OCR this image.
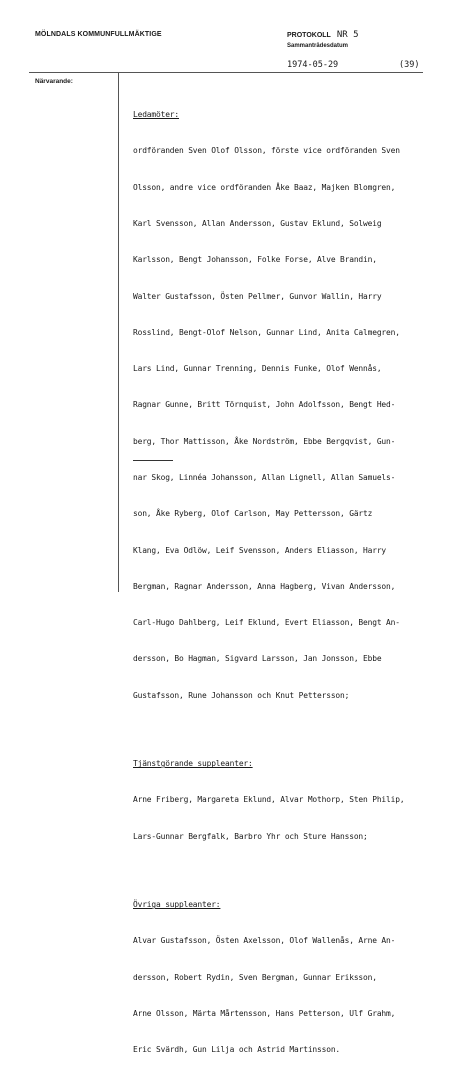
MÖLNDALS KOMMUNFULLMÄKTIGE	PROTOKOLL NR 5
Sammanträdesdatum
1974-05-29	(39)
Närvarande:

Ledamöter:

ordföranden Sven Olof Olsson, förste vice ordföranden Sven

Olsson, andre vice ordföranden Åke Baaz, Majken Blomgren,

Karl Svensson, Allan Andersson, Gustav Eklund, Solweig

Karlsson, Bengt Johansson, Folke Forse, Alve Brandin,

Walter Gustafsson, Östen Pellmer, Gunvor Wallin, Harry

Rosslind, Bengt-Olof Nelson, Gunnar Lind, Anita Calmegren,

Lars Lind, Gunnar Trenning, Dennis Funke, Olof Wennås,

Ragnar Gunne, Britt Törnquist, John Adolfsson, Bengt Hed-

berg, Thor Mattisson, Åke Nordström, Ebbe Bergqvist, Gun-

nar Skog, Linnéa Johansson, Allan Lignell, Allan Samuels-

son, Åke Ryberg, Olof Carlson, May Pettersson, Gärtz

Klang, Eva Odlöw, Leif Svensson, Anders Eliasson, Harry

Bergman, Ragnar Andersson, Anna Hagberg, Vivan Andersson,

Carl-Hugo Dahlberg, Leif Eklund, Evert Eliasson, Bengt An-

dersson, Bo Hagman, Sigvard Larsson, Jan Jonsson, Ebbe

Gustafsson, Rune Johansson och Knut Pettersson;

Tjänstgörande suppleanter:

Arne Friberg, Margareta Eklund, Alvar Mothorp, Sten Philip,

Lars-Gunnar Bergfalk, Barbro Yhr och Sture Hansson;

Övriga suppleanter:

Alvar Gustafsson, Östen Axelsson, Olof Wallenås, Arne An-

dersson, Robert Rydin, Sven Bergman, Gunnar Eriksson,

Arne Olsson, Märta Mårtensson, Hans Petterson, Ulf Grahm,

Eric Svärdh, Gun Lilja och Astrid Martinsson.
